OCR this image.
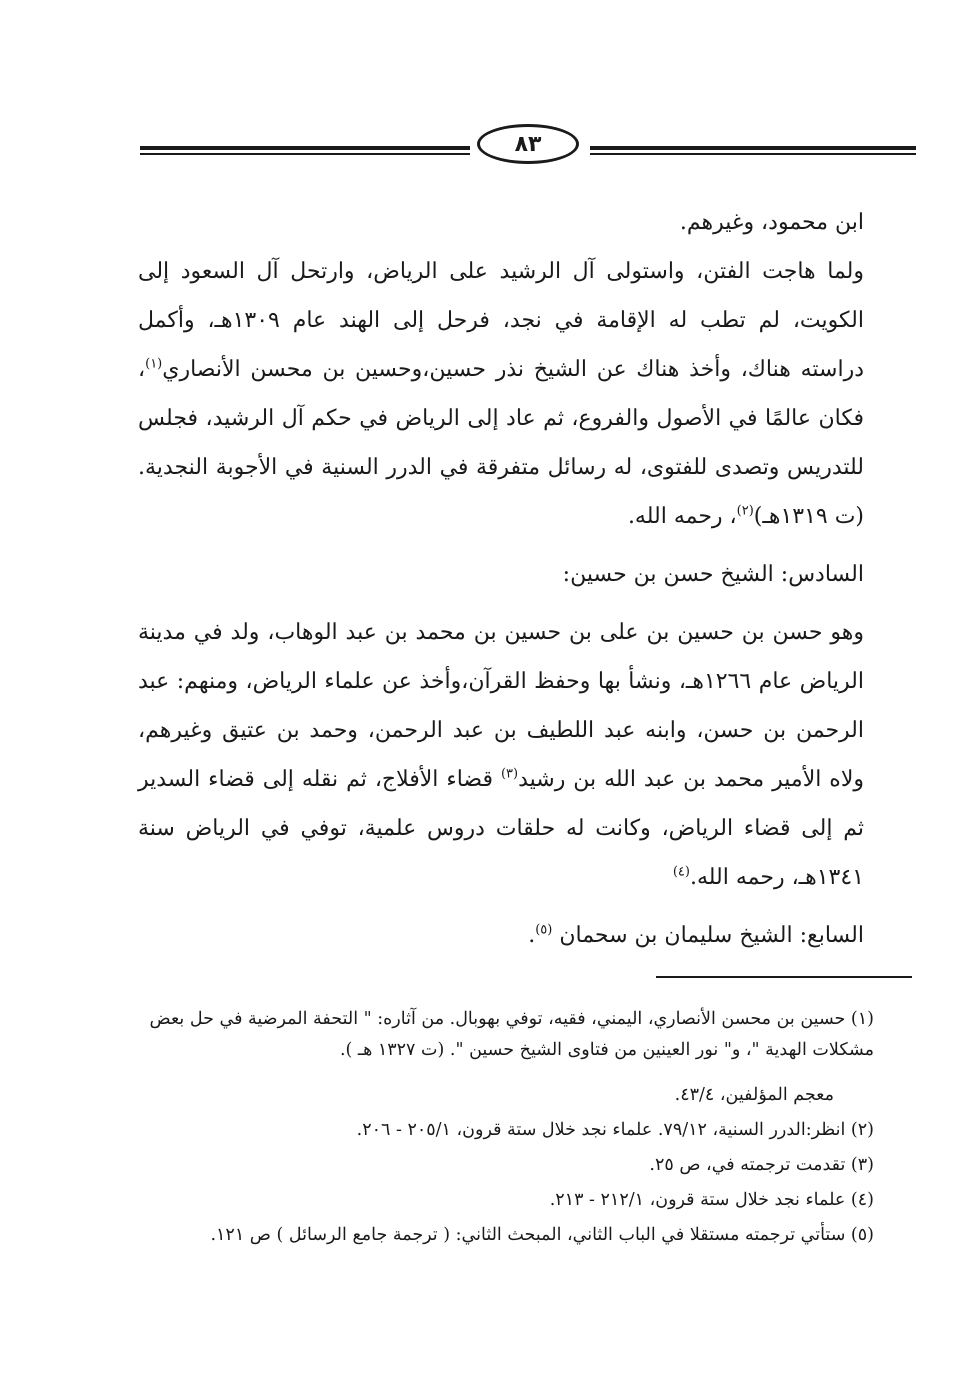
٨٣

ابن محمود، وغيرهم.

ولما هاجت الفتن، واستولى آل الرشيد على الرياض، وارتحل آل السعود إلى الكويت، لم تطب له الإقامة في نجد، فرحل إلى الهند عام ١٣٠٩هـ، وأكمل دراسته هناك، وأخذ هناك عن الشيخ نذر حسين،وحسين بن محسن الأنصاري$^{(١)}$، فكان عالمًا في الأصول والفروع، ثم عاد إلى الرياض في حكم آل الرشيد، فجلس للتدريس وتصدى للفتوى، له رسائل متفرقة في الدرر السنية في الأجوبة النجدية. (ت ١٣١٩هـ)$^{(٢)}$، رحمه الله.

السادس: الشيخ حسن بن حسين:

وهو حسن بن حسين بن على بن حسين بن محمد بن عبد الوهاب، ولد في مدينة الرياض عام ١٢٦٦هـ، ونشأ بها وحفظ القرآن،وأخذ عن علماء الرياض، ومنهم: عبد الرحمن بن حسن، وابنه عبد اللطيف بن عبد الرحمن، وحمد بن عتيق وغيرهم، ولاه الأمير محمد بن عبد الله بن رشيد$^{(٣)}$ قضاء الأفلاج، ثم نقله إلى قضاء السدير ثم إلى قضاء الرياض، وكانت له حلقات دروس علمية، توفي في الرياض سنة ١٣٤١هـ، رحمه الله.$^{(٤)}$

السابع: الشيخ سليمان بن سحمان $^{(٥)}$.

(١) حسين بن محسن الأنصاري، اليمني، فقيه، توفي بهوبال. من آثاره: " التحفة المرضية في حل بعض مشكلات الهدية "، و" نور العينين من فتاوى الشيخ حسين ". (ت ١٣٢٧ هـ ).

معجم المؤلفين، ٤٣/٤.

(٢) انظر:الدرر السنية، ٧٩/١٢. علماء نجد خلال ستة قرون، ٢٠٥/١ - ٢٠٦.

(٣) تقدمت ترجمته في، ص ٢٥.

(٤) علماء نجد خلال ستة قرون، ٢١٢/١ - ٢١٣.

(٥) ستأتي ترجمته مستقلا في الباب الثاني، المبحث الثاني: ( ترجمة جامع الرسائل ) ص ١٢١.
